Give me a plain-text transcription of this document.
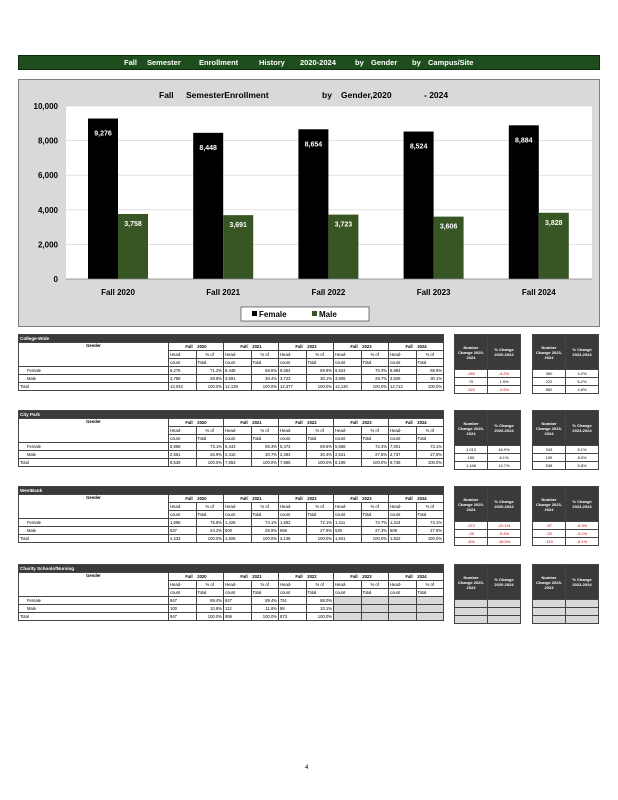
Fall Semester Enrollment	History 2020-2024	by Gender by Campus/Site
Fall SemesterEnrollment	by Gender,2020	- 2024
0
2,000
4,000
6,000
8,000
10,000
9,276
3,758
Fall 2020
8,448
3,691
Fall 2021
8,654
3,723
Fall 2022
8,524
3,606
Fall 2023
8,884
3,828
Fall 2024
Female	Male
College-Wide										
Gender	Fall    2020		Fall    2021		Fall    2022		Fall    2023		Fall    2024	
	Head-	% of	Head-	% of	Head-	% of	Head-	% of	Head-	% of
	count	Total	count	Total	count	Total	count	Total	count	Total
Female	9,276	71.2%	8,448	69.6%	8,654	69.9%	8,524	70.3%	8,884	69.9%
Male	3,758	28.8%	3,691	30.4%	3,723	30.1%	3,606	29.7%	3,828	30.1%
Total	13,034	100.0%	12,139	100.0%	12,377	100.0%	12,130	100.0%	12,712	100.0%
Number Change 2020-2024	% Change 2020-2024
-392	-4.2%
70	1.9%
-322	-2.5%
Number Change 2023-2024	% Change 2023-2024
360	4.2%
222	6.2%
582	4.8%
City Park										
Gender	Fall    2020		Fall    2021		Fall    2022		Fall    2023		Fall    2024	
	Head-	% of	Head-	% of	Head-	% of	Head-	% of	Head-	% of
	count	Total	count	Total	count	Total	count	Total	count	Total
Female	5,988	73.1%	5,443	69.3%	5,473	69.6%	5,658	72.4%	7,001	73.1%
Male	2,551	26.9%	2,410	30.7%	2,393	30.4%	2,541	27.6%	2,737	27.8%
Total	8,539	100.0%	7,853	100.0%	7,866	100.0%	8,199	100.0%	9,738	100.0%
Number Change 2020-2024	% Change 2020-2024
1,013	16.9%
155	6.1%
1,168	13.7%
Number Change 2023-2024	% Change 2023-2024
343	5.1%
195	8.5%
538	5.8%
WestBank										
Gender	Fall    2020		Fall    2021		Fall    2022		Fall    2023		Fall    2024	
	Head-	% of	Head-	% of	Head-	% of	Head-	% of	Head-	% of
	count	Total	count	Total	count	Total	count	Total	count	Total
Female	1,696	75.8%	1,426	74.1%	1,592	72.1%	1,411	72.7%	1,314	73.1%
Male	537	24.2%	500	25.9%	556	27.9%	530	27.3%	508	27.9%
Total	2,233	100.0%	1,926	100.0%	2,148	100.0%	1,941	100.0%	1,822	100.0%
Number Change 2020-2024	% Change 2020-2024
-372	-22.1%
-29	-5.4%
-401	-18.0%
Number Change 2023-2024	% Change 2023-2024
-97	-6.9%
-22	-4.2%
-119	-6.1%
Charity SchoolofNursing										
Gender	Fall    2020		Fall    2021		Fall    2022		Fall    2023		Fall    2024	
	Head-	% of	Head-	% of	Head-	% of	Head-	% of	Head-	% of
	count	Total	count	Total	count	Total	count	Total	count	Total
Female	847	89.4%	847	89.4%	751	88.0%				
Male	100	10.6%	112	11.6%	88	10.1%				
Total	947	100.0%	959	100.0%	873	100.0%				
Number Change 2020-2024	% Change 2020-2024

Number Change 2023-2024	% Change 2023-2024

4
